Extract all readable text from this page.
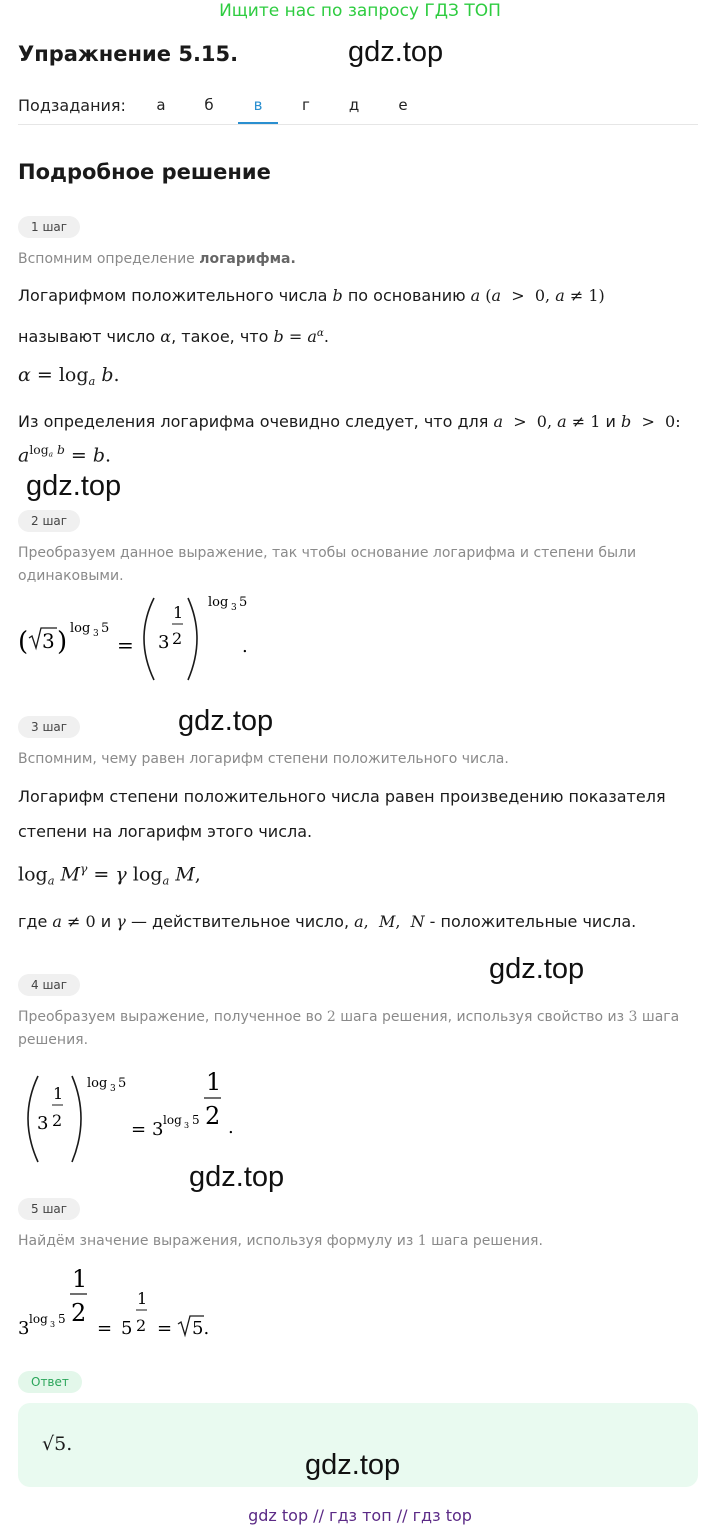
Ищите нас по запросу ГДЗ ТОП
Упражнение 5.15.	gdz.top
Подзадания:	а	б	в	г	д	е
Подробное решение
1 шаг
Вспомним определение логарифма.
Логарифмом положительного числа b по основанию a (a  >  0, a ≠ 1)
называют число α, такое, что $b = a^\alpha$.
$\alpha = \log_a b$.
Из определения логарифма очевидно следует, что для a  >  0, a ≠ 1 и b  >  0:
$a^{log_a b} = b$.
gdz.top
2 шаг
Преобразуем данное выражение, так чтобы основание логарифма и степени были одинаковыми.
( 3 ) log 3 5
= 3
1
2
log 3 5
.
3 шаг	gdz.top
Вспомним, чему равен логарифм степени положительного числа.
Логарифм степени положительного числа равен произведению показателя
степени на логарифм этого числа.
$\log_a M^\gamma = \gamma$ $\log_a M$,
где a ≠ 0 и γ — действительное число, a,  M,  N - положительные числа.
gdz.top
4 шаг
Преобразуем выражение, полученное во 2 шага решения, используя свойство из 3 шага решения.
3
1
2
log 3 5
= 3 log 3 5
1
2 .
gdz.top
5 шаг
Найдём значение выражения, используя формулу из 1 шага решения.
3 log 3 5
1
2
= 5
1
2 = 5.
Ответ
√5.
gdz.top
gdz top // гдз топ // гдз top
